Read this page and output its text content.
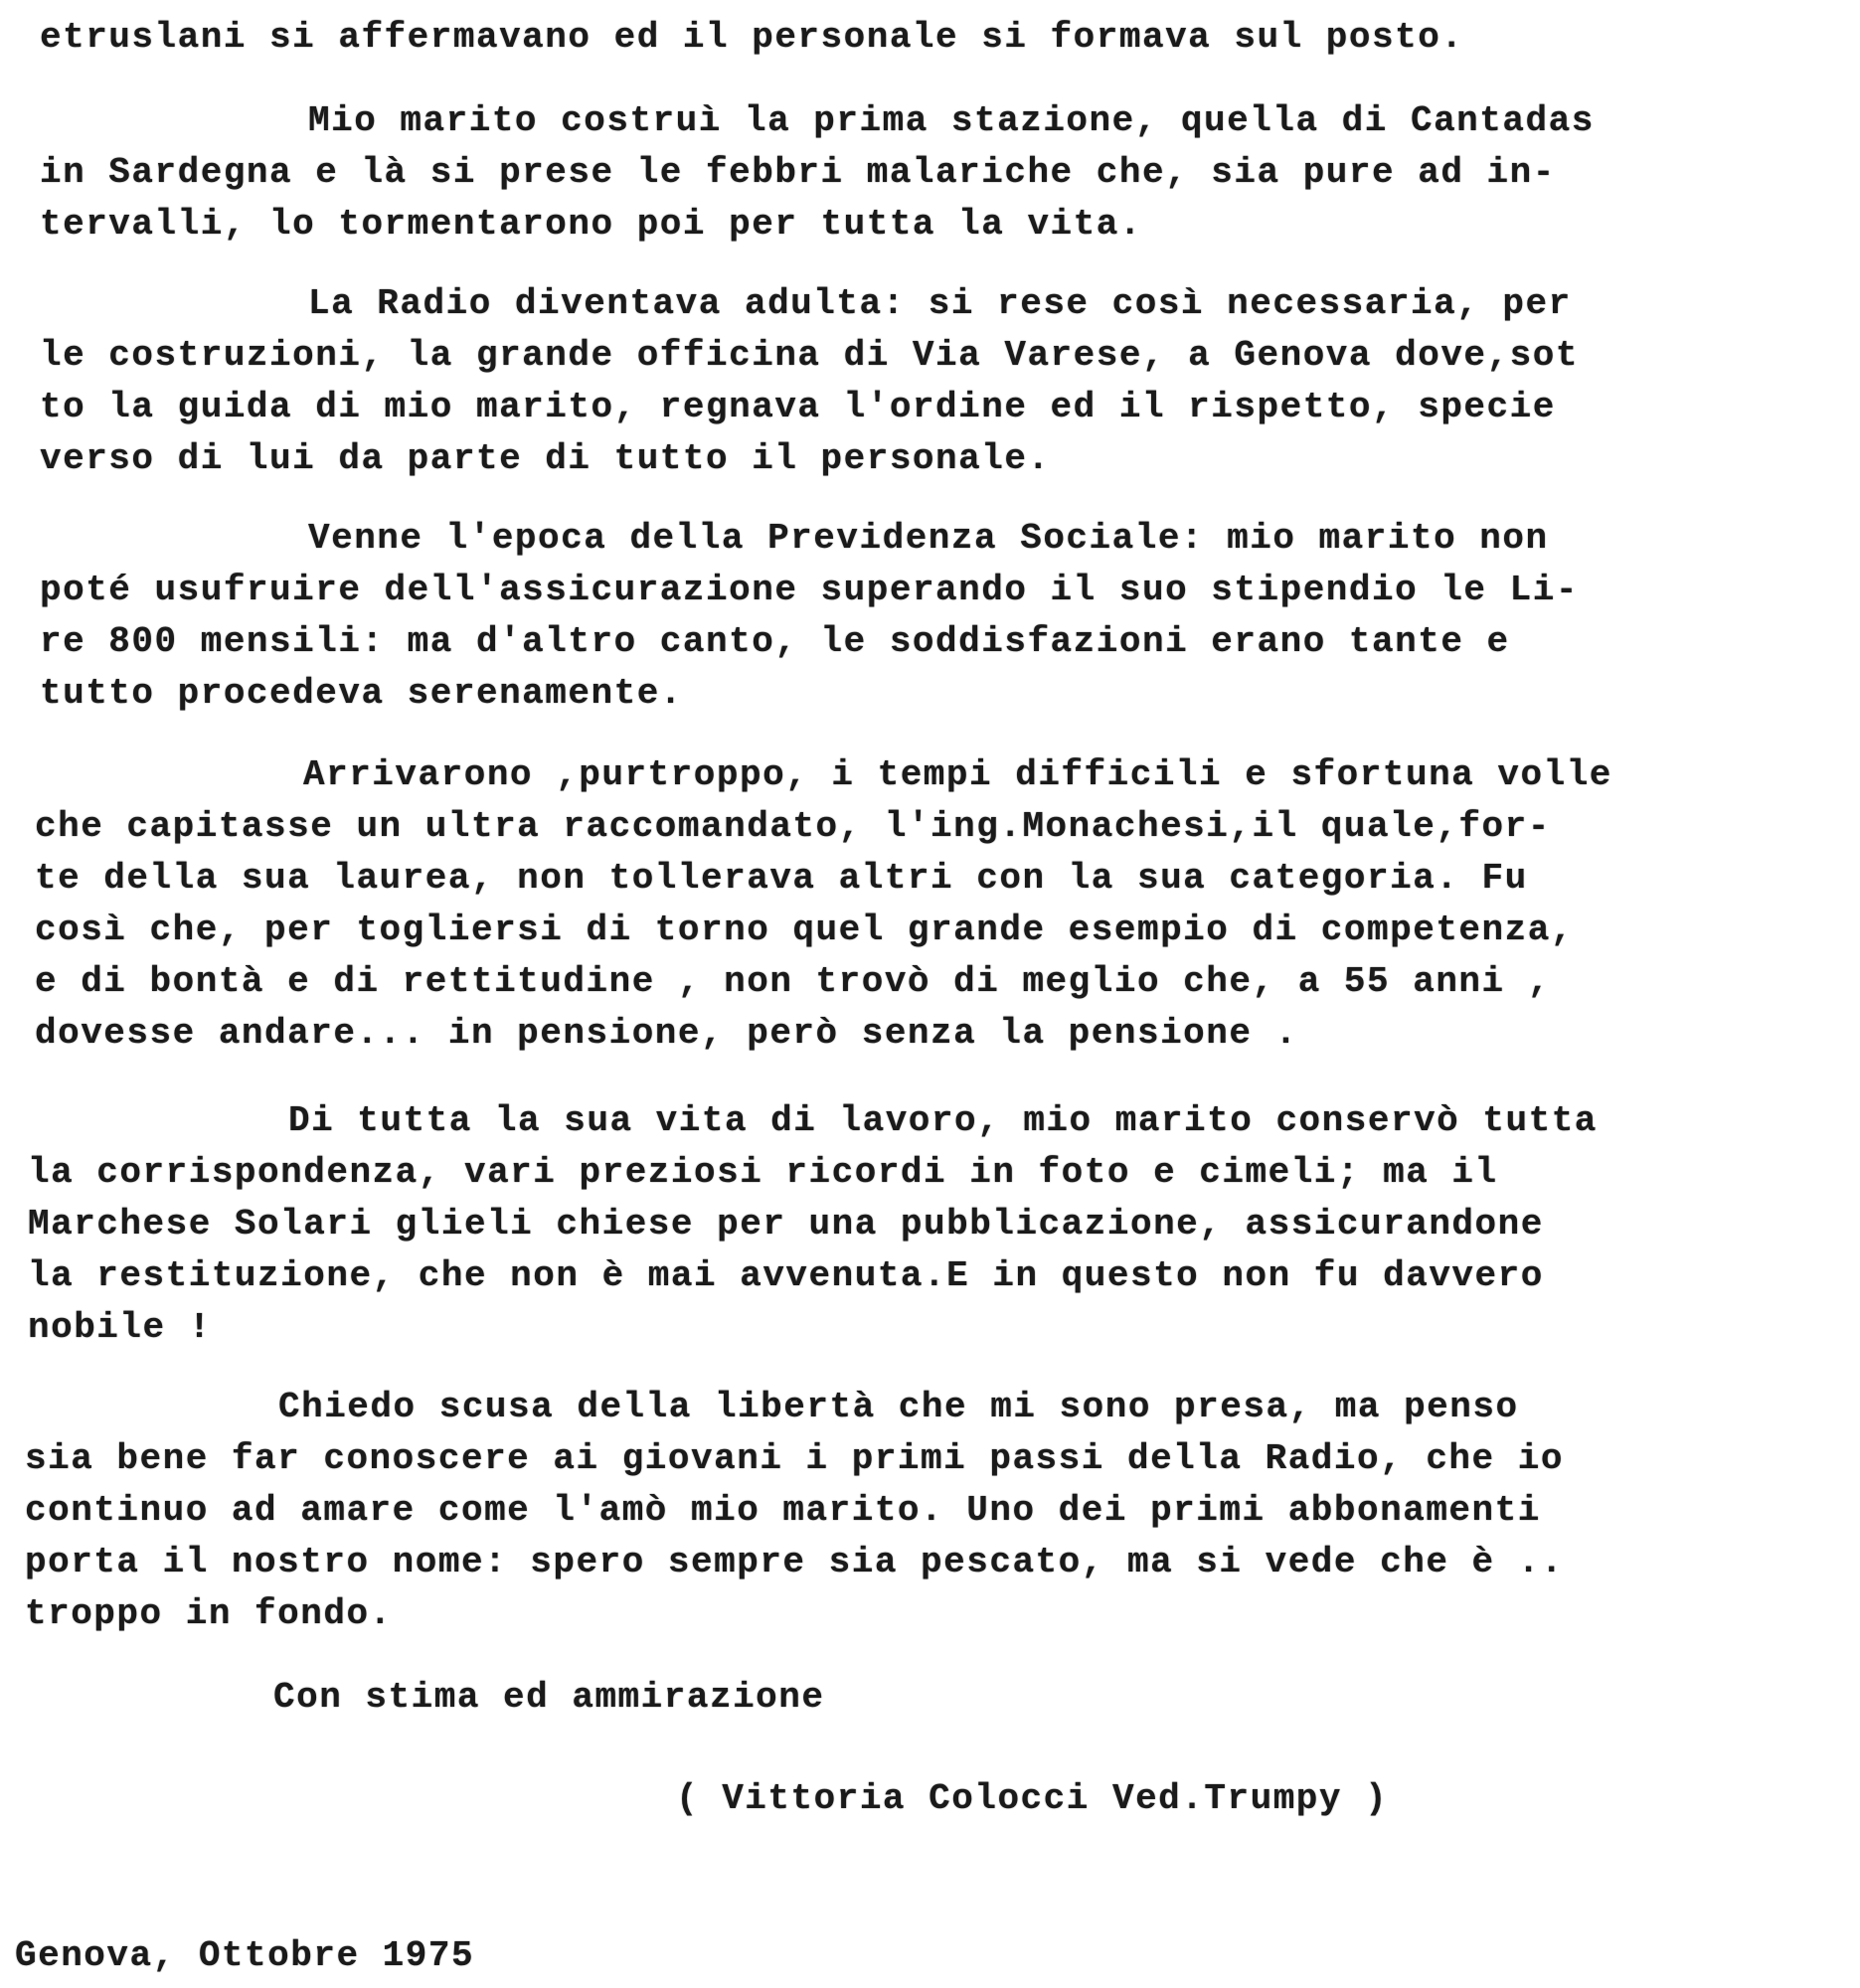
etruslani si affermavano ed il personale si formava sul posto.
Mio marito costruì la prima stazione, quella di Cantadas
in Sardegna e là si prese le febbri malariche che, sia pure ad in-
tervalli, lo tormentarono poi per tutta la vita.
La Radio diventava adulta: si rese così necessaria, per
le costruzioni, la grande officina di Via Varese, a Genova dove,sot
to la guida di mio marito, regnava l'ordine ed il rispetto, specie
verso di lui da parte di tutto il personale.
Venne l'epoca della Previdenza Sociale: mio marito non
poté usufruire dell'assicurazione superando il suo stipendio le Li-
re 800 mensili: ma d'altro canto, le soddisfazioni erano tante e
tutto procedeva serenamente.
Arrivarono ,purtroppo, i tempi difficili e sfortuna volle
che capitasse un ultra raccomandato, l'ing.Monachesi,il quale,for-
te della sua laurea, non tollerava altri con la sua categoria. Fu
così che, per togliersi di torno quel grande esempio di competenza,
e di bontà e di rettitudine , non trovò di meglio che, a 55 anni ,
dovesse andare... in pensione, però senza la pensione .
Di tutta la sua vita di lavoro, mio marito conservò tutta
la corrispondenza, vari preziosi ricordi in foto e cimeli; ma il
Marchese Solari glieli chiese per una pubblicazione, assicurandone
la restituzione, che non è mai avvenuta.E in questo non fu davvero
nobile !
Chiedo scusa della libertà che mi sono presa, ma penso
sia bene far conoscere ai giovani i primi passi della Radio, che io
continuo ad amare come l'amò mio marito. Uno dei primi abbonamenti
porta il nostro nome: spero sempre sia pescato, ma si vede che è ..
troppo in fondo.
Con stima ed ammirazione
( Vittoria Colocci Ved.Trumpy )
Genova, Ottobre 1975
